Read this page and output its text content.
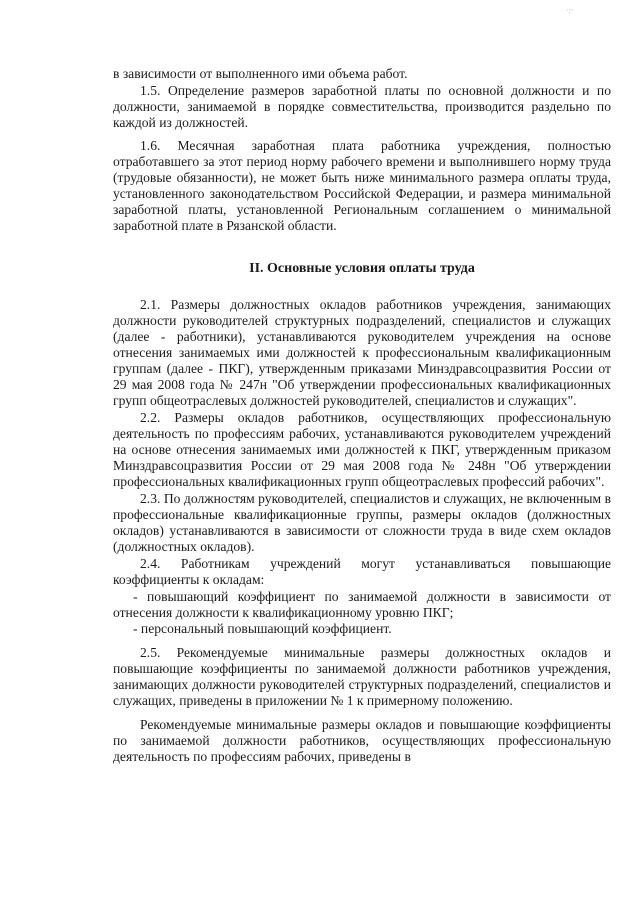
·:·

в зависимости от выполненного ими объема работ.

1.5. Определение размеров заработной платы по основной должности и по должности, занимаемой в порядке совместительства, производится раздельно по каждой из должностей.

1.6. Месячная заработная плата работника учреждения, полностью отработавшего за этот период норму рабочего времени и выполнившего норму труда (трудовые обязанности), не может быть ниже минимального размера оплаты труда, установленного законодательством Российской Федерации, и размера минимальной заработной платы, установленной Региональным соглашением о минимальной заработной плате в Рязанской области.

II. Основные условия оплаты труда

2.1. Размеры должностных окладов работников учреждения, занимающих должности руководителей структурных подразделений, специалистов и служащих (далее - работники), устанавливаются руководителем учреждения на основе отнесения занимаемых ими должностей к профессиональным квалификационным группам (далее - ПКГ), утвержденным приказами Минздравсоцразвития России от 29 мая 2008 года № 247н "Об утверждении профессиональных квалификационных групп общеотраслевых должностей руководителей, специалистов и служащих".

2.2. Размеры окладов работников, осуществляющих профессиональную деятельность по профессиям рабочих, устанавливаются руководителем учреждений на основе отнесения занимаемых ими должностей к ПКГ, утвержденным приказом Минздравсоцразвития России от 29 мая 2008 года № 248н "Об утверждении профессиональных квалификационных групп общеотраслевых профессий рабочих".

2.3. По должностям руководителей, специалистов и служащих, не включенным в профессиональные квалификационные группы, размеры окладов (должностных окладов) устанавливаются в зависимости от сложности труда в виде схем окладов (должностных окладов).

2.4. Работникам учреждений могут устанавливаться повышающие коэффициенты к окладам:

- повышающий коэффициент по занимаемой должности в зависимости от отнесения должности к квалификационному уровню ПКГ;

- персональный повышающий коэффициент.

2.5. Рекомендуемые минимальные размеры должностных окладов и повышающие коэффициенты по занимаемой должности работников учреждения, занимающих должности руководителей структурных подразделений, специалистов и служащих, приведены в приложении № 1 к примерному положению.

Рекомендуемые минимальные размеры окладов и повышающие коэффициенты по занимаемой должности работников, осуществляющих профессиональную деятельность по профессиям рабочих, приведены в
